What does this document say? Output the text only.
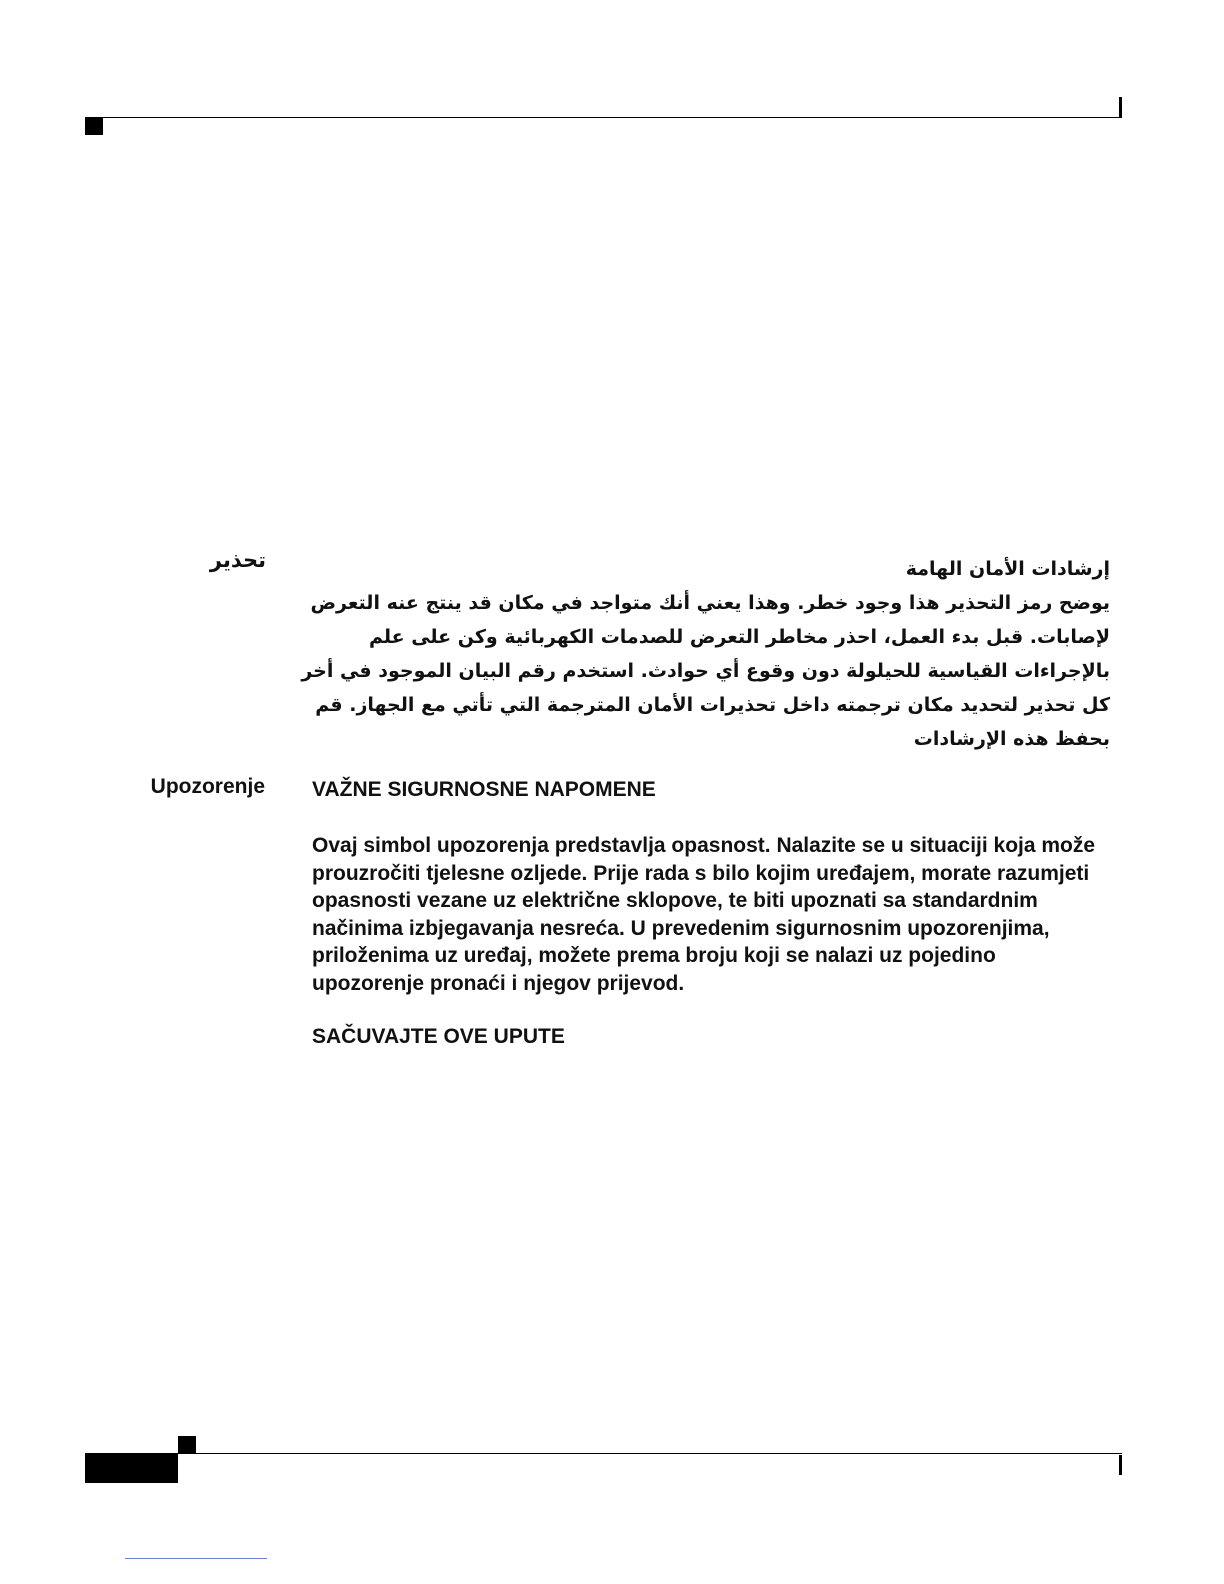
تحذير	إرشادات الأمان الهامة

يوضح رمز التحذير هذا وجود خطر. وهذا يعني أنك متواجد في مكان قد ينتج عنه التعرض لإصابات. قبل بدء العمل، احذر مخاطر التعرض للصدمات الكهربائية وكن على علم بالإجراءات القياسية للحيلولة دون وقوع أي حوادث. استخدم رقم البيان الموجود في أخر كل تحذير لتحديد مكان ترجمته داخل تحذيرات الأمان المترجمة التي تأتي مع الجهاز. قم بحفظ هذه الإرشادات

Upozorenje VAŽNE SIGURNOSNE NAPOMENE

Ovaj simbol upozorenja predstavlja opasnost. Nalazite se u situaciji koja može prouzročiti tjelesne ozljede. Prije rada s bilo kojim uređajem, morate razumjeti opasnosti vezane uz električne sklopove, te biti upoznati sa standardnim načinima izbjegavanja nesreća. U prevedenim sigurnosnim upozorenjima, priloženima uz uređaj, možete prema broju koji se nalazi uz pojedino upozorenje pronaći i njegov prijevod.

SAČUVAJTE OVE UPUTE
